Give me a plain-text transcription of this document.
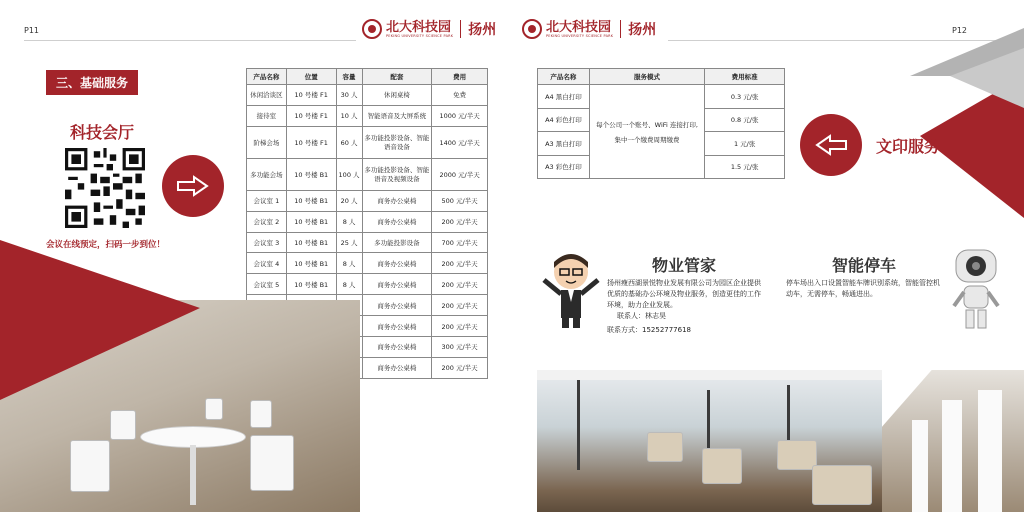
P11	北大科技园
PEKING UNIVERSITY SCIENCE PARK 扬州
三、基础服务
科技会厅
会议在线预定，扫码一步到位！
产品名称	位置	容量	配套	费用
休闲洽谈区	10 号楼 F1	30 人	休闲桌椅	免费
接待室	10 号楼 F1	10 人	智能语音及大屏系统	1000 元/半天
阶梯会场	10 号楼 F1	60 人	多功能投影设备、智能语音设备	1400 元/半天
多功能会场	10 号楼 B1	100 人	多功能投影设备、智能语音及视频设备	2000 元/半天
会议室 1	10 号楼 B1	20 人	商务办公桌椅	500 元/半天
会议室 2	10 号楼 B1	8 人	商务办公桌椅	200 元/半天
会议室 3	10 号楼 B1	25 人	多功能投影设备	700 元/半天
会议室 4	10 号楼 B1	8 人	商务办公桌椅	200 元/半天
会议室 5	10 号楼 B1	8 人	商务办公桌椅	200 元/半天
			商务办公桌椅	200 元/半天
			商务办公桌椅	200 元/半天
			商务办公桌椅	300 元/半天
			商务办公桌椅	200 元/半天
北大科技园
PEKING UNIVERSITY SCIENCE PARK 扬州	P12
产品名称	服务模式	费用标准
A4 黑白打印	每个公司一个账号、WiFi 连接打印,
集中一个缴费周期缴费	0.3 元/张
A4 彩色打印		0.8 元/张
A3 黑白打印		1 元/张
A3 彩色打印		1.5 元/张
文印服务
物业管家
扬州瘦西湖景悦物业发展有限公司为园区企业提供优质的基础办公环境及物业服务，创造更佳的工作环境，助力企业发展。
联系人：林志昊
联系方式：15252777618
智能停车
停车场出入口设置智能车牌识别系统，智能管控机动车，无需停车，畅通进出。
